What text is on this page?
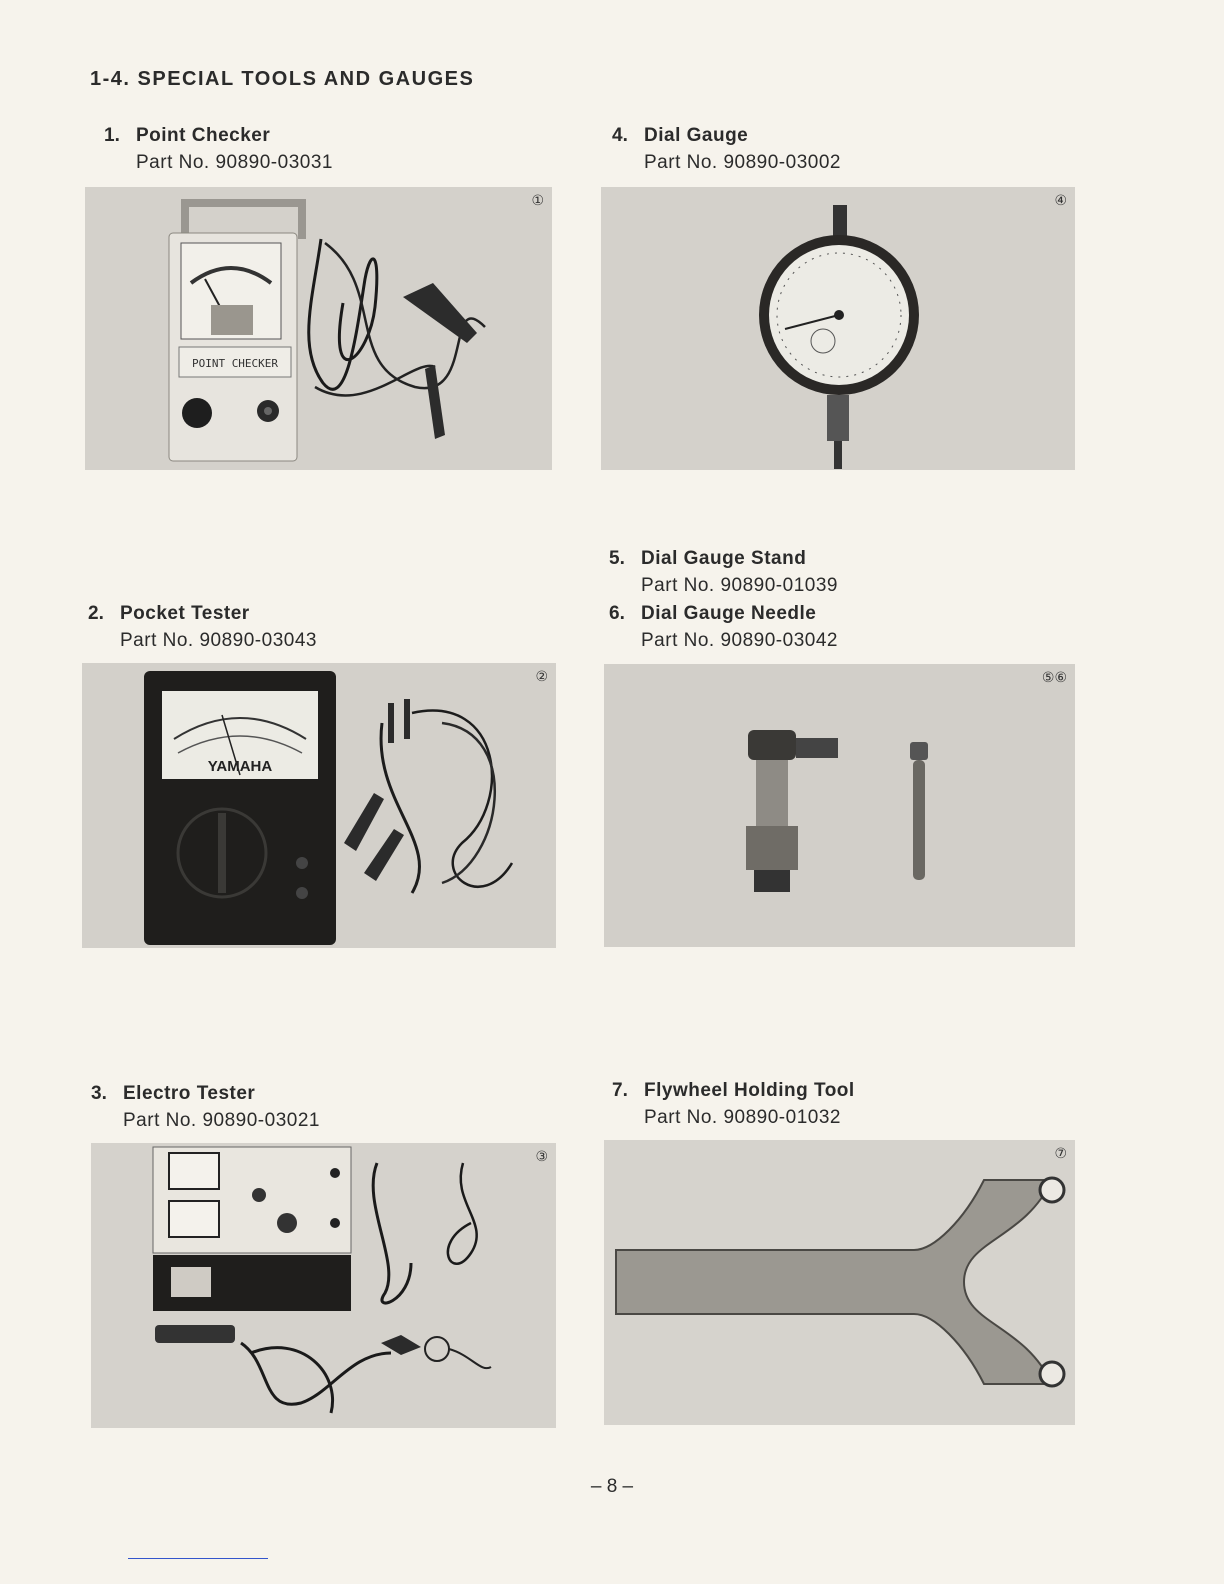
1-4. SPECIAL TOOLS AND GAUGES
1. Point Checker
Part No. 90890-03031
POINT CHECKER
①
2. Pocket Tester
Part No. 90890-03043
YAMAHA
②
3. Electro Tester
Part No. 90890-03021
③
4. Dial Gauge
Part No. 90890-03002
④
5. Dial Gauge Stand
Part No. 90890-01039
6. Dial Gauge Needle
Part No. 90890-03042
⑤⑥
7. Flywheel Holding Tool
Part No. 90890-01032
⑦
– 8 –
